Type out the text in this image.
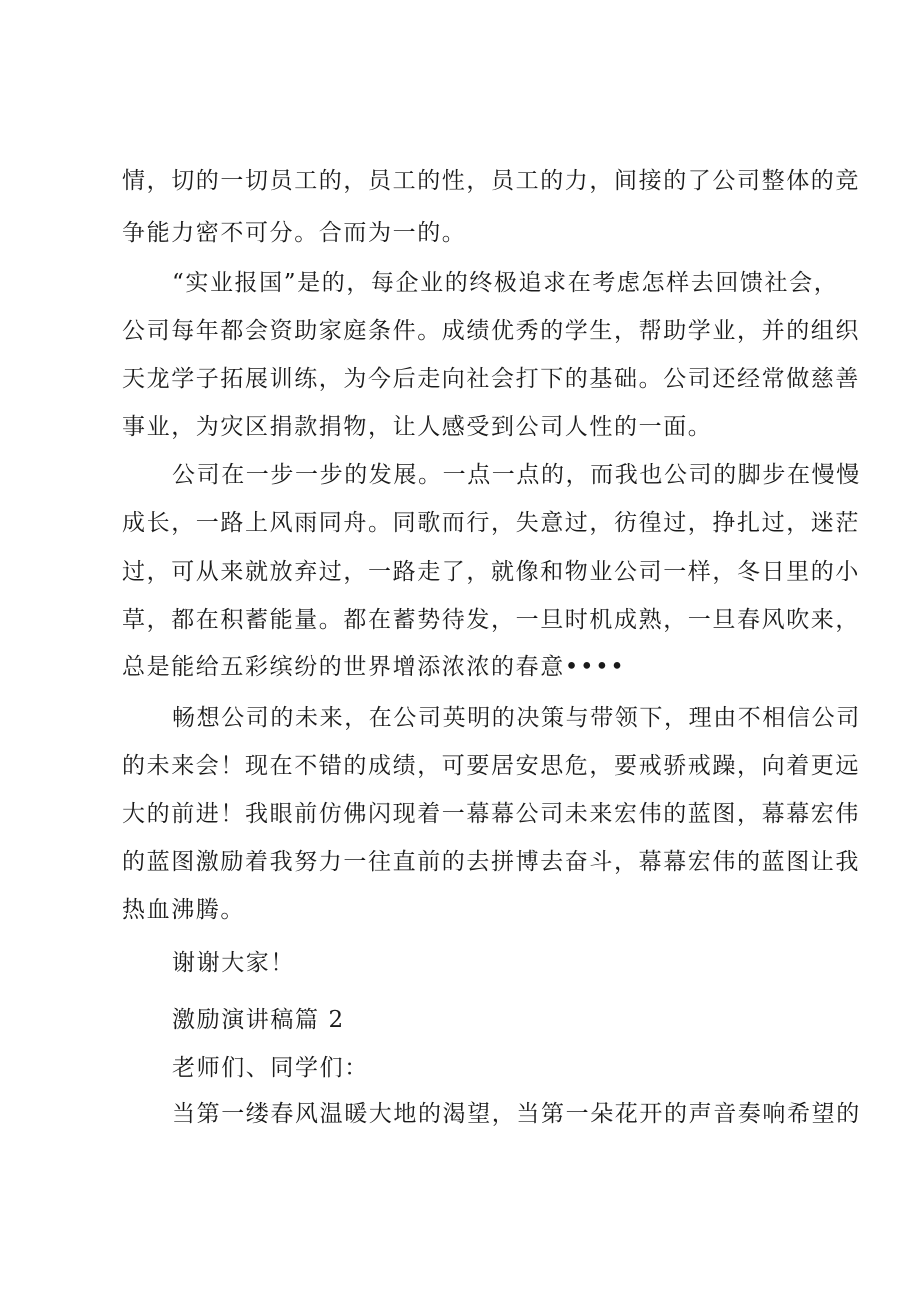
情，切的一切员工的，员工的性，员工的力，间接的了公司整体的竞
争能力密不可分。合而为一的。
“实业报国”是的，每企业的终极追求在考虑怎样去回馈社会，
公司每年都会资助家庭条件。成绩优秀的学生，帮助学业，并的组织
天龙学子拓展训练，为今后走向社会打下的基础。公司还经常做慈善
事业，为灾区捐款捐物，让人感受到公司人性的一面。
公司在一步一步的发展。一点一点的，而我也公司的脚步在慢慢
成长，一路上风雨同舟。同歌而行，失意过，彷徨过，挣扎过，迷茫
过，可从来就放弃过，一路走了，就像和物业公司一样，冬日里的小
草，都在积蓄能量。都在蓄势待发，一旦时机成熟，一旦春风吹来，
总是能给五彩缤纷的世界增添浓浓的春意••••
畅想公司的未来，在公司英明的决策与带领下，理由不相信公司
的未来会！现在不错的成绩，可要居安思危，要戒骄戒躁，向着更远
大的前进！我眼前仿佛闪现着一幕幕公司未来宏伟的蓝图，幕幕宏伟
的蓝图激励着我努力一往直前的去拼博去奋斗，幕幕宏伟的蓝图让我
热血沸腾。
谢谢大家！
激励演讲稿篇 2
老师们、同学们：
当第一缕春风温暖大地的渴望，当第一朵花开的声音奏响希望的
